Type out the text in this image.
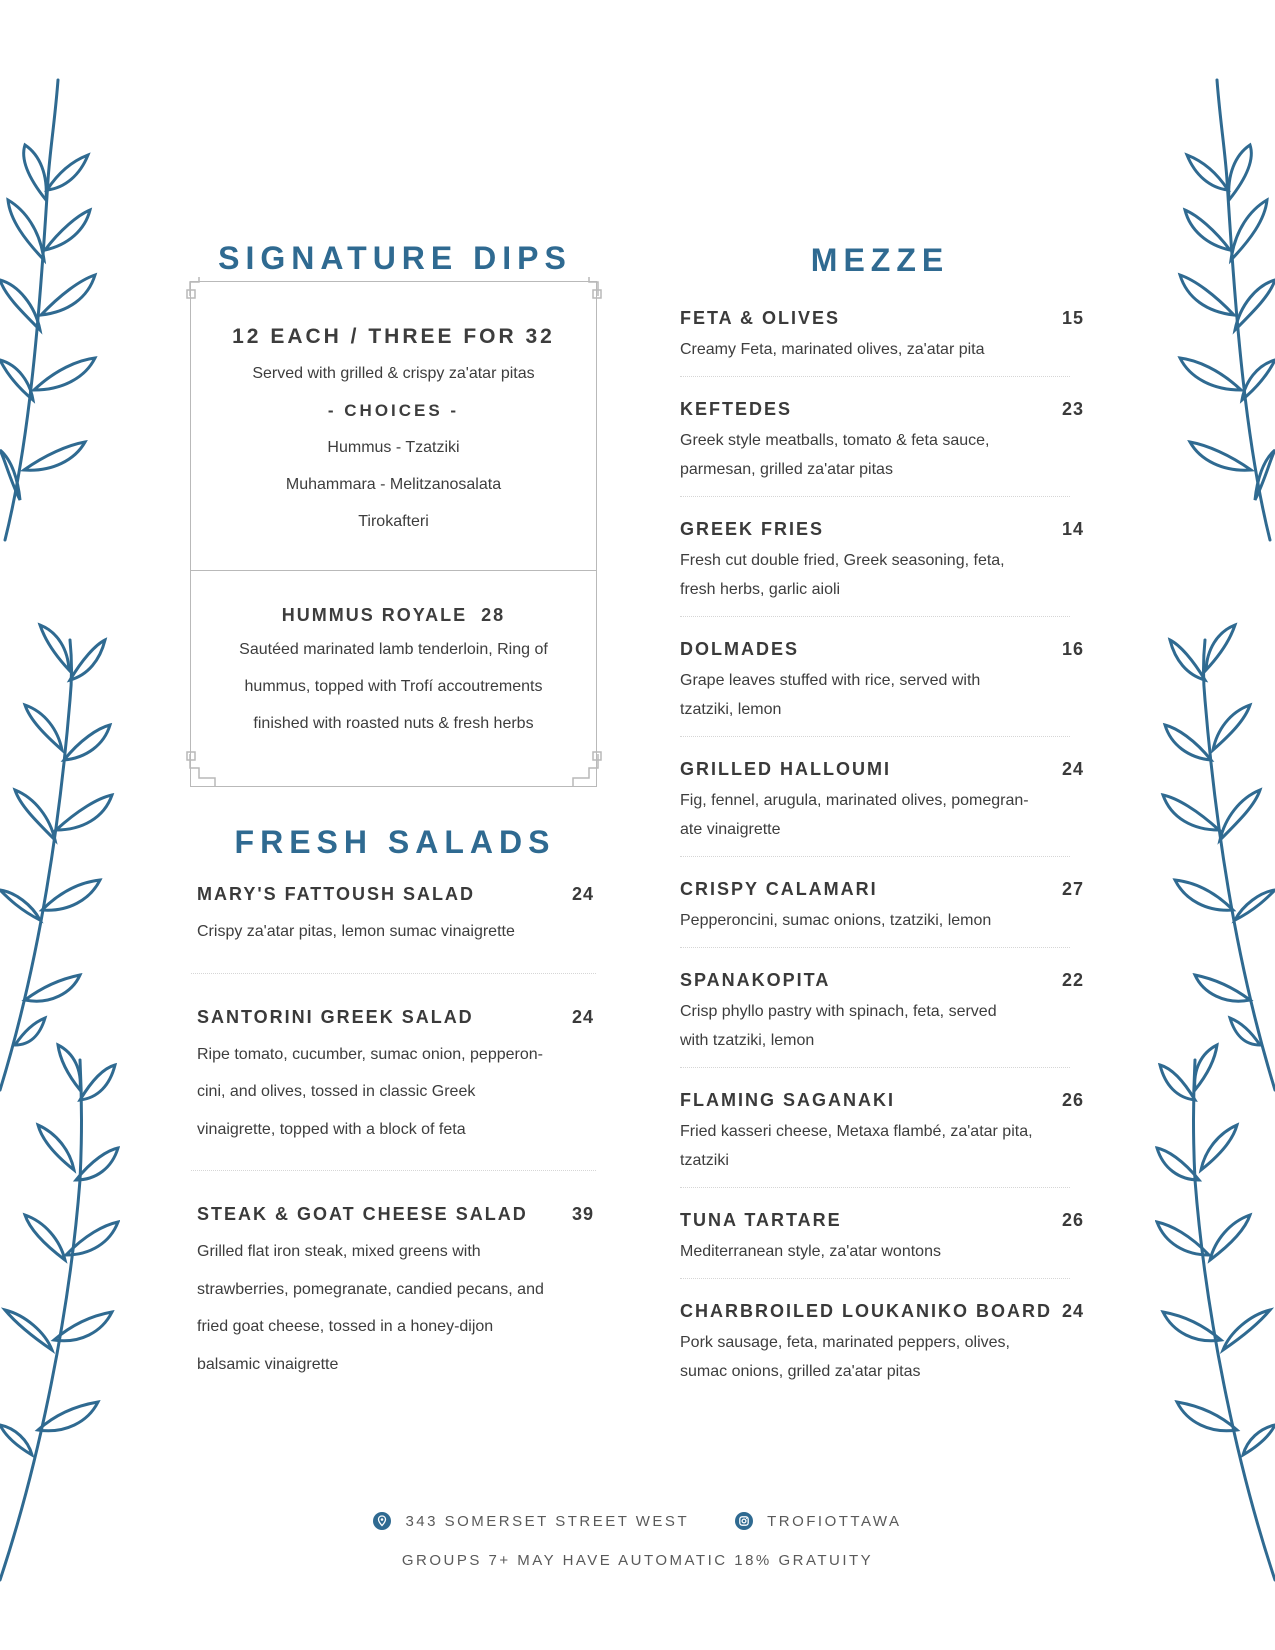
12 EACH / THREE FOR 32
Served with grilled & crispy za'atar pitas
- CHOICES -
Hummus - Tzatziki
Muhammara - Melitzanosalata
Tirokafteri
HUMMUS ROYALE 28
Sautéed marinated lamb tenderloin, Ring of
hummus, topped with Trofí accoutrements
finished with roasted nuts & fresh herbs
SIGNATURE DIPS
FRESH SALADS
MARY'S FATTOUSH SALAD	24
Crispy za'atar pitas, lemon sumac vinaigrette
SANTORINI GREEK SALAD	24
Ripe tomato, cucumber, sumac onion, pepperon-
cini, and olives, tossed in classic Greek
vinaigrette, topped with a block of feta
STEAK & GOAT CHEESE SALAD 39
Grilled flat iron steak, mixed greens with
strawberries, pomegranate, candied pecans, and
fried goat cheese, tossed in a honey-dijon
balsamic vinaigrette
MEZZE
FETA & OLIVES	15
Creamy Feta, marinated olives, za'atar pita
KEFTEDES	23
Greek style meatballs, tomato & feta sauce,
parmesan, grilled za'atar pitas
GREEK FRIES	14
Fresh cut double fried, Greek seasoning, feta,
fresh herbs, garlic aioli
DOLMADES	16
Grape leaves stuffed with rice, served with
tzatziki, lemon
GRILLED HALLOUMI	24
Fig, fennel, arugula, marinated olives, pomegran-
ate vinaigrette
CRISPY CALAMARI	27
Pepperoncini, sumac onions, tzatziki, lemon
SPANAKOPITA	22
Crisp phyllo pastry with spinach, feta, served
with tzatziki, lemon
FLAMING SAGANAKI	26
Fried kasseri cheese, Metaxa flambé, za'atar pita,
tzatziki
TUNA TARTARE	26
Mediterranean style, za'atar wontons
CHARBROILED LOUKANIKO BOARD 24
Pork sausage, feta, marinated peppers, olives,
sumac onions, grilled za'atar pitas
343 SOMERSET STREET WEST	TROFIOTTAWA
GROUPS 7+ MAY HAVE AUTOMATIC 18% GRATUITY
